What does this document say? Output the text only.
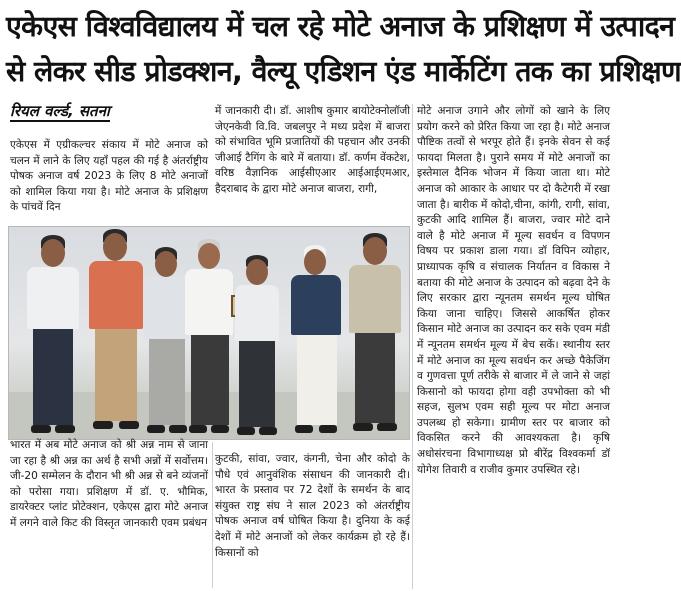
एकेएस विश्वविद्यालय में चल रहे मोटे अनाज के प्रशिक्षण में उत्पादन
से लेकर सीड प्रोडक्शन, वैल्यू एडिशन एंड मार्केटिंग तक का प्रशिक्षण
रियल वर्ल्ड, सतना

एकेएस में एग्रीकल्चर संकाय में मोटे अनाज को चलन में लाने के लिए यहाँ पहल की गई है अंतर्राष्ट्रीय पोषक अनाज वर्ष 2023 के लिए 8 मोटे अनाजों को शामिल किया गया है। मोटे अनाज के प्रशिक्षण के पांचवें दिन

में जानकारी दी। डॉ. आशीष कुमार बायोटेक्नोलॉजी जेएनकेवी वि.वि. जबलपुर ने मध्य प्रदेश में बाजरा को संभावित भूमि प्रजातियों की पहचान और उनकी जीआई टैगिंग के बारे में बताया। डॉ. कर्णम वेंकटेश, वरिष्ठ वैज्ञानिक आईसीएआर आईआईएमआर, हैदराबाद के द्वारा मोटे अनाज बाजरा, रागी,

मोटे अनाज उगाने और लोगों को खाने के लिए प्रयोग करने को प्रेरित किया जा रहा है। मोटे अनाज पौष्टिक तत्वों से भरपूर होते हैं। इनके सेवन से कई फायदा मिलता है। पुराने समय में मोटे अनाजों का इस्तेमाल दैनिक भोजन में किया जाता था। मोटे अनाज को आकार के आधार पर दो कैटेगरी में रखा जाता है। बारीक में कोदो,चीना, कांगी, रागी, सांवा, कुटकी आदि शामिल हैं। बाजरा, ज्वार मोटे दाने वाले है मोटे अनाज में मूल्य सवर्धन व विपणन विषय पर प्रकाश डाला गया। डॉ विपिन व्योहार, प्राध्यापक कृषि व संचालक निर्यातन व विकास ने बताया की मोटे अनाज के उत्पादन को बढ़वा देने के लिए सरकार द्वारा न्यूनतम समर्थन मूल्य घोषित किया जाना चाहिए। जिससे आकर्षित होकर किसान मोटे अनाज का उत्पादन कर सके एवम मंडी में न्यूनतम समर्थन मूल्य में बेच सकें। स्थानीय स्तर में मोटे अनाज का मूल्य सवर्धन कर अच्छे पैकेजिंग व गुणवत्ता पूर्ण तरीके से बाजार में ले जाने से जहां किसानो को फायदा होगा वही उपभोक्ता को भी सहज, सुलभ एवम सही मूल्य पर मोटा अनाज उपलब्ध हो सकेगा। ग्रामीण स्तर पर बाजार को विकसित करने की आवश्यकता है। कृषि अधोसंरचना विभागाध्यक्ष प्रो बीरेंद्र विश्वकर्मा डॉ योगेश तिवारी व राजीव कुमार उपस्थित रहे।

भारत में अब मोटे अनाज को श्री अन्न नाम से जाना जा रहा है श्री अन्न का अर्थ है सभी अन्नों में सर्वोत्तम। जी-20 सम्मेलन के दौरान भी श्री अन्न से बने व्यंजनों को परोसा गया। प्रशिक्षण में डॉ. ए. भौमिक, डायरेक्टर प्लांट प्रोटेक्शन, एकेएस द्वारा मोटे अनाज में लगने वाले किट की विस्तृत जानकारी एवम प्रबंधन

कुटकी, सांवा, ज्वार, कंगनी, चेना और कोदो के पौधे एवं आनुवंशिक संसाधन की जानकारी दी। भारत के प्रस्ताव पर 72 देशों के समर्थन के बाद संयुक्त राष्ट्र संघ ने साल 2023 को अंतर्राष्ट्रीय पोषक अनाज वर्ष घोषित किया है। दुनिया के कई देशों में मोटे अनाजों को लेकर कार्यक्रम हो रहे हैं। किसानों को
